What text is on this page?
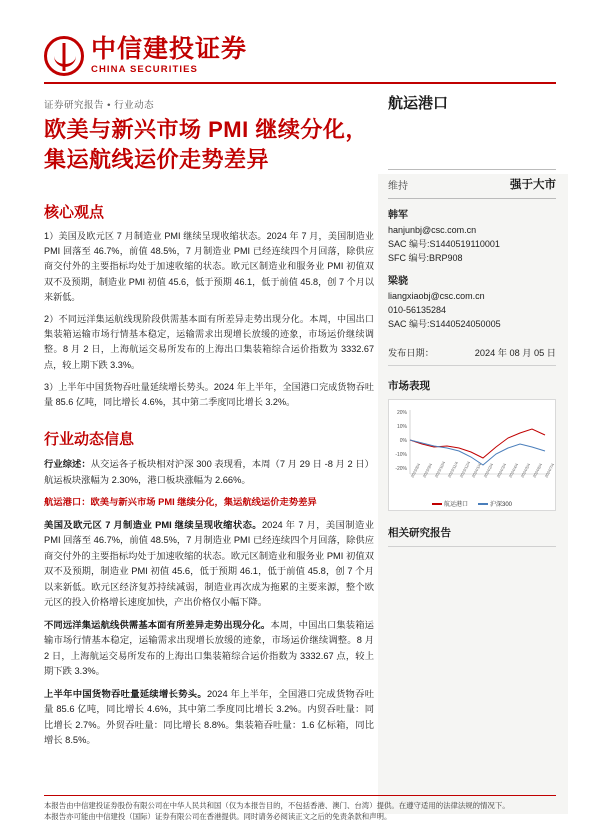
中信建投证券
CHINA SECURITIES
证券研究报告 • 行业动态
欧美与新兴市场 PMI 继续分化，集运航线运价走势差异
核心观点

1）美国及欧元区 7 月制造业 PMI 继续呈现收缩状态。2024 年 7 月，美国制造业 PMI 回落至 46.7%，前值 48.5%，7 月制造业 PMI 已经连续四个月回落，除供应商交付外的主要指标均处于加速收缩的状态。欧元区制造业和服务业 PMI 初值双双不及预期，制造业 PMI 初值 45.6，低于预期 46.1，低于前值 45.8，创 7 个月以来新低。

2）不同远洋集运航线现阶段供需基本面有所差异走势出现分化。本周，中国出口集装箱运输市场行情基本稳定，运输需求出现增长放缓的迹象，市场运价继续调整。8 月 2 日，上海航运交易所发布的上海出口集装箱综合运价指数为 3332.67 点，较上期下跌 3.3%。

3）上半年中国货物吞吐量延续增长势头。2024 年上半年，全国港口完成货物吞吐量 85.6 亿吨，同比增长 4.6%，其中第二季度同比增长 3.2%。

行业动态信息

行业综述：从交运各子板块相对沪深 300 表现看，本周（7 月 29 日 -8 月 2 日）航运板块涨幅为 2.30%，港口板块涨幅为 2.66%。

航运港口：欧美与新兴市场 PMI 继续分化，集运航线运价走势差异

美国及欧元区 7 月制造业 PMI 继续呈现收缩状态。2024 年 7 月，美国制造业 PMI 回落至 46.7%，前值 48.5%，7 月制造业 PMI 已经连续四个月回落，除供应商交付外的主要指标均处于加速收缩的状态。欧元区制造业和服务业 PMI 初值双双不及预期，制造业 PMI 初值 45.6，低于预期 46.1，低于前值 45.8，创 7 个月以来新低。欧元区经济复苏持续减弱，制造业再次成为拖累的主要来源，整个欧元区的投入价格增长速度加快，产出价格仅小幅下降。

不同远洋集运航线供需基本面有所差异走势出现分化。本周，中国出口集装箱运输市场行情基本稳定，运输需求出现增长放缓的迹象，市场运价继续调整。8 月 2 日，上海航运交易所发布的上海出口集装箱综合运价指数为 3332.67 点，较上期下跌 3.3%。

上半年中国货物吞吐量延续增长势头。2024 年上半年，全国港口完成货物吞吐量 85.6 亿吨，同比增长 4.6%，其中第二季度同比增长 3.2%。内贸吞吐量：同比增长 2.7%。外贸吞吐量：同比增长 8.8%。集装箱吞吐量：1.6 亿标箱，同比增长 8.5%。

航运港口
维持	强于大市
韩军
hanjunbj@csc.com.cn
SAC 编号:S1440519110001
SFC 编号:BRP908
梁骁
liangxiaobj@csc.com.cn
010-56135284
SAC 编号:S1440524050005
发布日期：	2024 年 08 月 05 日
市场表现
20%
10%
0%
-10%
-20% 2023/8/4 2023/9/4 2023/10/4 2023/11/4 2023/12/4 2024/1/4 2024/2/4 2024/3/4 2024/4/4 2024/5/4 2024/6/4 2024/7/4
航运港口	沪深300
相关研究报告

本报告由中信建投证券股份有限公司在中华人民共和国（仅为本报告目的，不包括香港、澳门、台湾）提供。在遵守适用的法律法规的情况下。

本报告亦可能由中信建投（国际）证券有限公司在香港提供。同时请务必阅读正文之后的免责条款和声明。
